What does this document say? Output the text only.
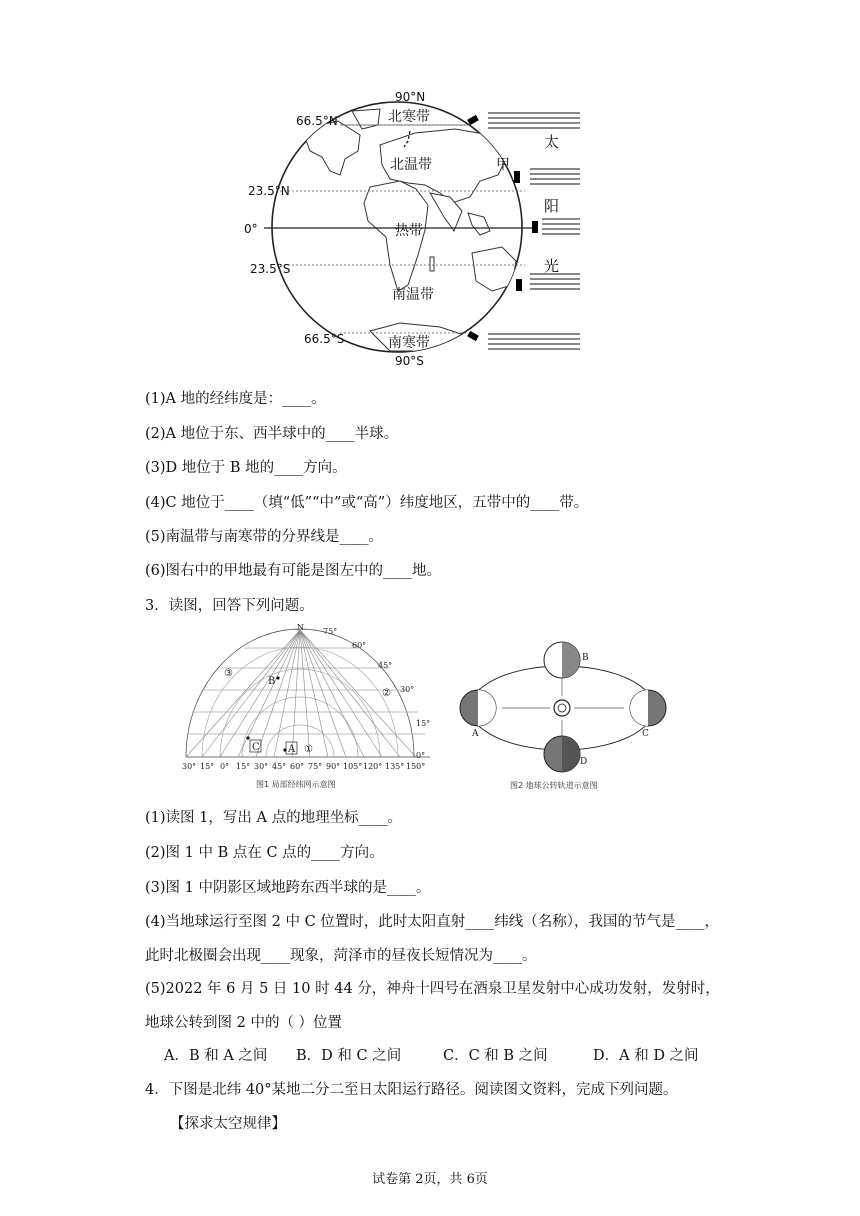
90°N
66.5°N
23.5°N
0°
23.5°S
66.5°S
90°S
北寒带
北温带
热带
南温带
南寒带
甲
太
阳
光
(1)A 地的经纬度是：____。
(2)A 地位于东、西半球中的____半球。
(3)D 地位于 B 地的____方向。
(4)C 地位于____（填“低”“中”或“高”）纬度地区，五带中的____带。
(5)南温带与南寒带的分界线是____。
(6)图右中的甲地最有可能是图左中的____地。
3．读图，回答下列问题。
N 75°
60°
45°
30°
15°
0°
30° 15° 0° 15° 30° 45° 60° 75° 90° 105° 120° 135° 150°
B
C	A
③
②
①
图1 局部经纬网示意图
B
A	C
D
图2 地球公转轨道示意图
(1)读图 1，写出 A 点的地理坐标____。
(2)图 1 中 B 点在 C 点的____方向。
(3)图 1 中阴影区域地跨东西半球的是____。
(4)当地球运行至图 2 中 C 位置时，此时太阳直射____纬线（名称），我国的节气是____，
此时北极圈会出现____现象，菏泽市的昼夜长短情况为____。
(5)2022 年 6 月 5 日 10 时 44 分，神舟十四号在酒泉卫星发射中心成功发射，发射时，
地球公转到图 2 中的（ ）位置
A．B 和 A 之间 B．D 和 C 之间	C．C 和 B 之间	D．A 和 D 之间
4．下图是北纬 40°某地二分二至日太阳运行路径。阅读图文资料，完成下列问题。
【探求太空规律】
试卷第 2页，共 6页
